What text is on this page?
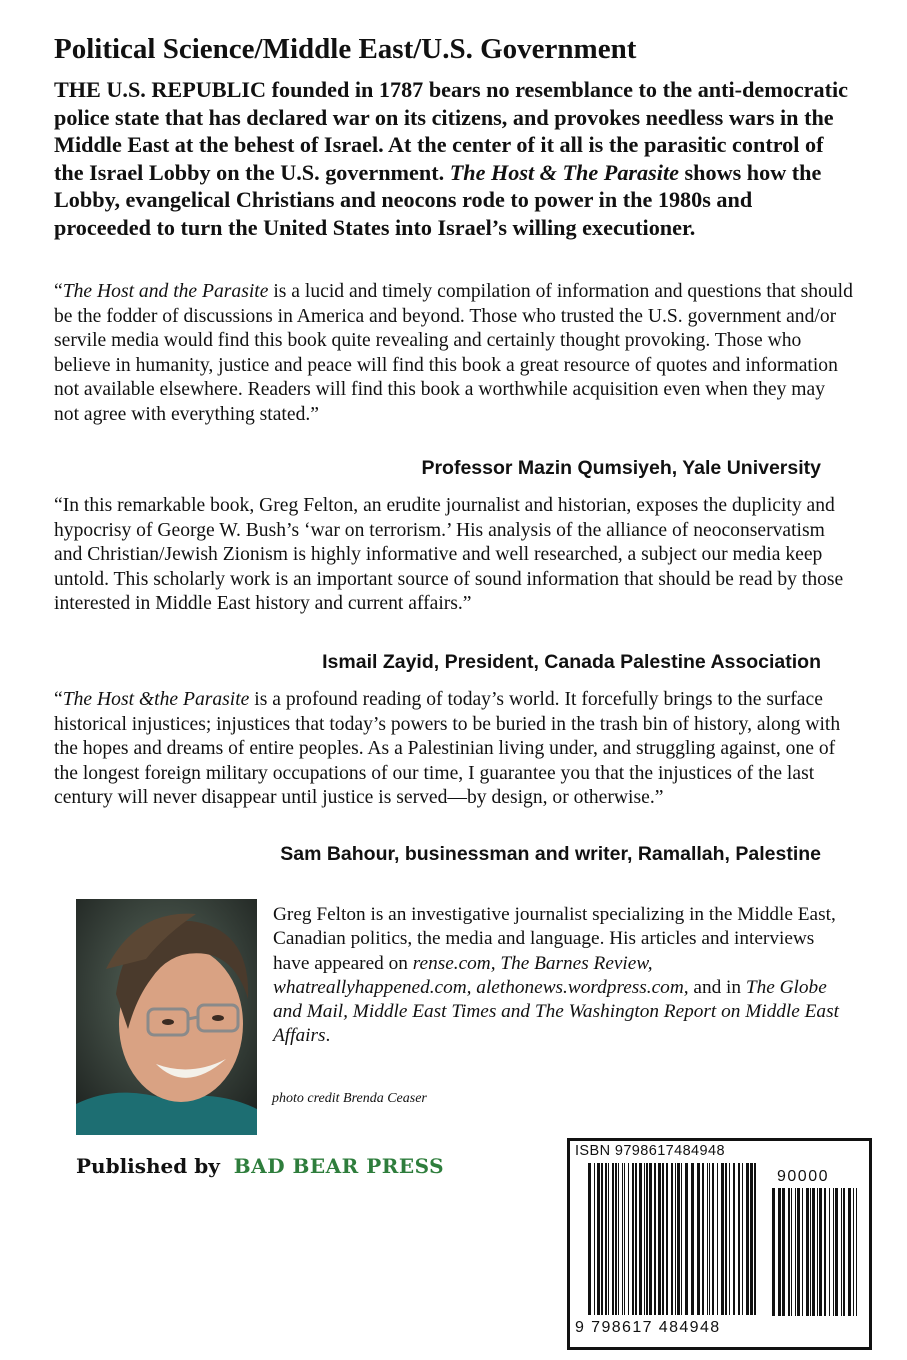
Political Science/Middle East/U.S. Government
THE U.S. REPUBLIC founded in 1787 bears no resemblance to the anti-democratic police state that has declared war on its citizens, and provokes needless wars in the Middle East at the behest of Israel. At the center of it all is the parasitic control of the Israel Lobby on the U.S. government. The Host & The Parasite shows how the Lobby, evangelical Christians and neocons rode to power in the 1980s and proceeded to turn the United States into Israel’s willing executioner.
“The Host and the Parasite is a lucid and timely compilation of information and questions that should be the fodder of discussions in America and beyond. Those who trusted the U.S. government and/or servile media would find this book quite revealing and certainly thought provoking. Those who believe in humanity, justice and peace will find this book a great resource of quotes and information not available elsewhere. Readers will find this book a worthwhile acquisition even when they may not agree with everything stated.”
Professor Mazin Qumsiyeh, Yale University
“In this remarkable book, Greg Felton, an erudite journalist and historian, exposes the duplicity and hypocrisy of George W. Bush’s ‘war on terrorism.’ His analysis of the alliance of neoconservatism and Christian/Jewish Zionism is highly informative and well researched, a subject our media keep untold. This scholarly work is an important source of sound information that should be read by those interested in Middle East history and current affairs.”
Ismail Zayid, President, Canada Palestine Association
“The Host &the Parasite is a profound reading of today’s world. It forcefully brings to the surface historical injustices; injustices that today’s powers to be buried in the trash bin of history, along with the hopes and dreams of entire peoples. As a Palestinian living under, and struggling against, one of the longest foreign military occupations of our time, I guarantee you that the injustices of the last century will never disappear until justice is served—by design, or otherwise.”
Sam Bahour, businessman and writer, Ramallah, Palestine
Greg Felton is an investigative journalist specializing in the Middle East, Canadian politics, the media and language. His articles and interviews have appeared on rense.com, The Barnes Review, whatreallyhappened.com, alethonews.wordpress.com, and in The Globe and Mail, Middle East Times and The Washington Report on Middle East Affairs.
photo credit Brenda Ceaser
Published by BAD BEAR PRESS
ISBN 9798617484948
90000
9 798617 484948
